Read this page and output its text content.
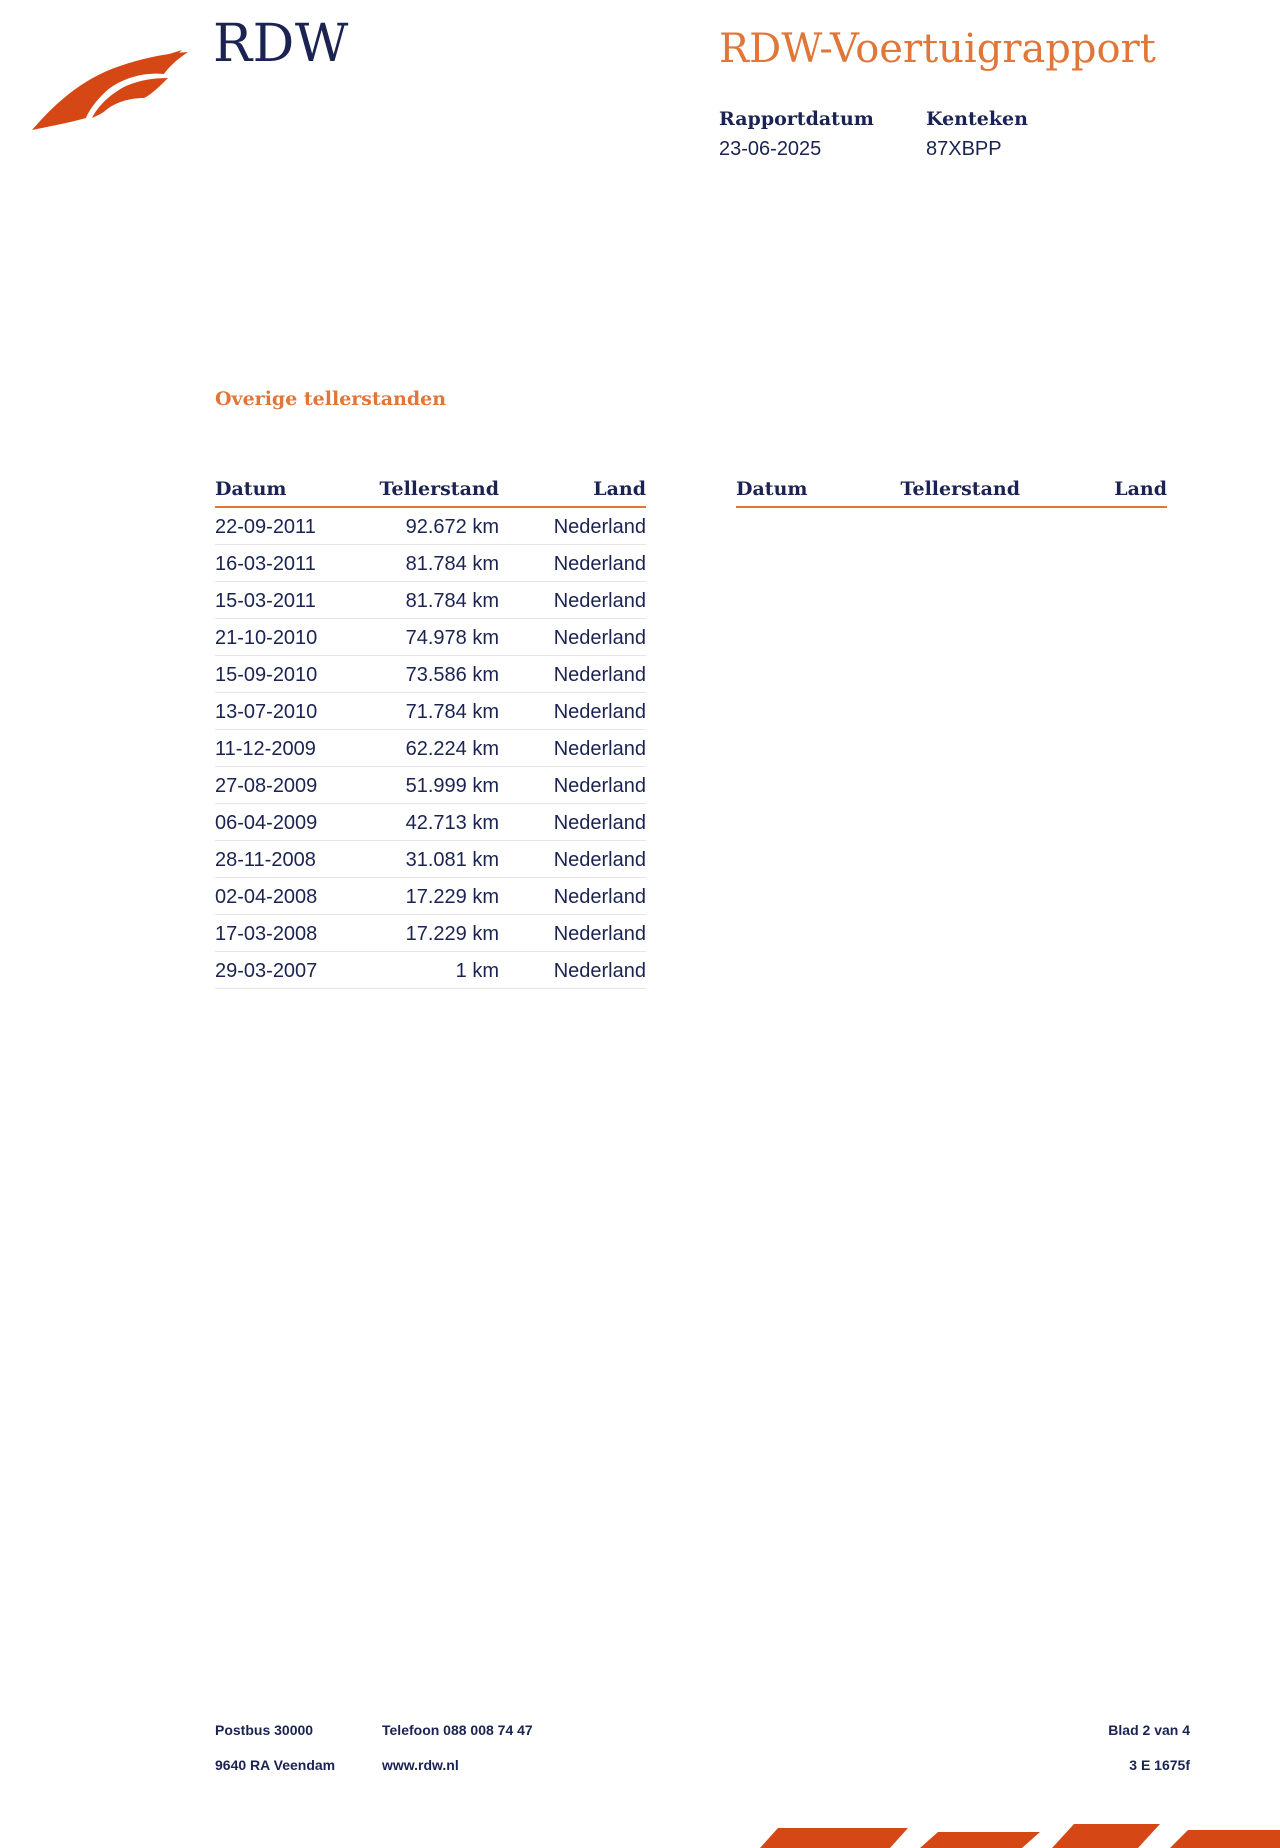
RDW	RDW-Voertuigrapport
Rapportdatum
23-06-2025
Kenteken
87XBPP
Overige tellerstanden
Datum	Tellerstand	Land
22-09-2011	92.672 km	Nederland
16-03-2011	81.784 km	Nederland
15-03-2011	81.784 km	Nederland
21-10-2010	74.978 km	Nederland
15-09-2010	73.586 km	Nederland
13-07-2010	71.784 km	Nederland
11-12-2009	62.224 km	Nederland
27-08-2009	51.999 km	Nederland
06-04-2009	42.713 km	Nederland
28-11-2008	31.081 km	Nederland
02-04-2008	17.229 km	Nederland
17-03-2008	17.229 km	Nederland
29-03-2007	1 km	Nederland
Datum	Tellerstand	Land
Postbus 30000
9640 RA Veendam
Telefoon 088 008 74 47
www.rdw.nl
Blad 2 van 4
3 E 1675f
